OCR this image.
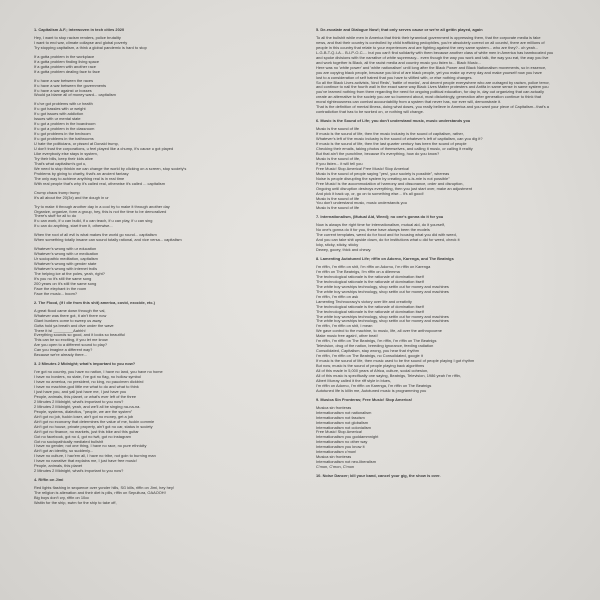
1. Capitalism A.F.; interwoven in tech cities 2020
Hey, I want to stop racism renders, police brutality
I want to end war, climate collapse and global poverty
Try stopping capitalism, a think a global pandemic is hard to stop
If a gotta problem in the workplace
If a gotta problem finding living space
If a gotta problem with another race
If a gotta problem dealing face to face
If u have a war between the races
If u have a war between the governments
If u have a war against ur bosses
Would ya blame all of money ward... capitalism
If u've got problems with ur health
If u got hassles with ur weight
If u got issues with addiction
Issues with ur mental state
If u got a problem in the boardroom
If u got a problem in the classroom
If u got problems in the bedroom
If u got problems in the bathrooms
U hate the politicians, or pissed at Donald trump,
U don't trust the corporations, u feel played like a chump, it's cause u got played
Like everybody else stays in system,
Try their bills, keep their kids alive
That's what capitalism's got u,
We need to stop thinkin we can change the world by clicking on a screen, stop society's
Problems by giving to charity, that's an ancient fantasy
The only way to achieve anything real is in real time
With real people that's why it's called real, otherwise it's called ... capitalism
Crump chaos trump trump
It's all about the 20(3x) and the dough in ur
Try to make it through another day in a cool try to make it through another day
Organize, organize, form a group, hey, this is not the time to be demoralized
There's stuff for all to do
If u can work, if u can build, if u can teach, if u can play, if u can sing
If u can do anything, start from it, otherwise...
When the root of all evil is what makes the world go round... capitalism
When something totally insane can sound totally rational, and vice versa... capitalism
Whatever's wrong with ur education
Whatever's wrong with ur medication
Ur sociopathic meditation, capitalism
Whatever's wrong with gender state
Whatever's wrong with internet trolls
The helping ice at the poles, yeah, right?
It's you no it's still the same song
200 years on it's still the same song
Face the elephant in the room
Face the music... boom?
2. The Flood, (if I die from this shit) america, covid, exocide, etc.)
A great flood came down through the val,
Whatever was there got, it ain't there now
Giant bunkers come to sweep us away
Gotta hold ya breath and dive under the wave
There it is! _________Aahhh!
Everything sounds so good, and it looks so beautiful
This can be so exciting, if you let me know
Are you open to a different sound to play?
Can you imagine a different way?
Because we're already there...
3. 2 Minutes 2 Midnight; what's important to you now?
I've got no country, you have no nation, I have no land, you have no home
I have no borders, no state, I've got no flag, no hollow symbol
I have no america, no president, no king, no paucimen dickbird
I have no machine-god little me what to do and what to think
I just have you, and yall just have me, I just have you
People, animals, this planet, or what's ever left of the three
2 Minutes 2 Midnight, what's important to you now?
2 Minutes 2 Midnight, yeah, and we'll all be singing na-na-na.
People, systems, dialectics, "people, we are the system"
Ain't got no job, fuckin loser, ain't got no money, get a job
Ain't got no economy that determines the value of me, fuckin commie
Ain't got no house, private property, ain't got no car, status in society
Ain't got no finance, no markets, just this bike and this guitar
Got no facebook, got no 4, got no twit, got no instagram
Got no sociopathically mediated bullshit
I have no gender, not one thing, I have no race, no pure ethnicity
Ain't got an identity, so suddenly...
I have no culture, I hav'em all, I have no tribe, not goin to burning man
I have no narrative that explains me, I just have free music!
People, animals, this planet
2 Minutes 2 Midnight, what's important to you now?
4. Riffin on Jimi
Red lights flashing in sequence over yonder hills, SG kills, riffin on Jimi, hey hey!
The religion is alienation and their diet is pills, riffin on Sepultura, OAAOOH!
Big boys don't cry, riffin on 10cc
Waitin for the ship, swim for the ship to take off,
5. De-escalate and Dialogue Now!; that only serves cause or we're all gettin played, again
To all the bullshit while men in America that think their tyrannical government is oppressing them, that the corporate media is fake
news, and that their country is controlled by child trafficking pedophiles, you're absolutely correct on all counts!, there are millions of
people in this country that relate to your experiences and are fighting against the very same system... who are they?.. oh yeah...
L-G-B-T-Q-I-A... B-I-P-O-C-... but you can't find solidarity with them because another class of white men in America has bamboozled you
and spoke divisions with the narrative of white supremacy... even though the way you work and talk, the way you eat, the way you live
and work together is Black, all the racist media and country music you listen to... Black Music...
Here was no 'white power' and 'white nationalism' until long after the Black Power and Black Nationalism movements, so in essence,
you are copying black people, because you kind of are black people, yet you make up every day and make yourself now you have
lost to a consideration of self hatred that you have to vilified with, or else nothing changes.
So all the Black Lives activists, 'kind Reds', 'battle of monks', and decent people everywhere who are outraged by racism, police terror,
and continue to nail the fourth wall in the exact same way Black Lives Matter protesters and Antifa in same sense in same system you
you've learned nothing from them regarding the need for ongoing political education, for day in, day out organizing that can actually
create an alternative to the society you are so bummed about, most disturbingly, generation after generation continue to think that
moral righteousness can combat accountability from a system that never has, nor ever will, demonstrate it.
That is the definition of mental illness, doing what doses, you really believe in America and you want your piece of Capitalism...that's a
contradiction that has to be worked on, or nothing will change.
6. Music is the Sound of Life; you don't understand music, music understands you
Music is the sound of life
If music is the sound of life, then the music industry is the sound of capitalism, rather,
Whatever's left of the music industry is the sound of whatever's left of capitalism, can you dig it?
If music is the sound of life, then the last quarter century has been the sound of people
Checking their emails, taking photos of themselves, and calling it music, or calling it reality
But that ain't the punchline, because it's everything, how do you know?
Music is the sound of life,
If you listen... it will tell you
Free Music! Stop America! Free Music! Stop America!
Music is the sound of people saying "yes!, your society is possible", whereas
Noise is people disrupting the system by creating an u-is-mie is not possible"
Free Music! is the accommodation of harmony and dissonance, order and disruption,
Ongoing until disruption destroys everything, then you just start over, make an adjustment
And pick it back up, or, go on to something else... it's all good!
Music is the sound of life
You don't understand music, music understands you
Music is the sound of life
7. Internationalism, (Mutual Aid, Weed); no one's gonna do it for you
Now is always the right time for internationalism, mutual aid, do it yourself,
No one's gonna do it for you, these have always been the models
The current templates, weed do for food and for housing what you did with weed,
And you can take shit upside down, do for institutions what u did for weed, check it
Icky, sticky, sticky, sticky
Dewey, gooey, thick and chewy.
8. Lamenting Autotuned Life; riffin on Adorno, Karenga, and The Beatnigs
I'm riffin, I'm riffin on shit, I'm riffin on Adorno, I'm riffin on Karenga
I'm riffin on The Beatnigs, I'm riffin on a dilemma
The technological rationale is the rationale of domination itself
The technological rationale is the rationale of domination itself
The white boy worships technology, shop settin out for money and machines
The white boy worships technology, shop settin out for money and machines
I'm riffin, I'm riffin on ask
Lamenting Technocracy's victory over life and creativity
The technological rationale is the rationale of domination itself
The technological rationale is the rationale of domination itself
The white boy worships technology, shop settin out for money and machines
The white boy worships technology, shop settin out for money and machines
I'm riffin, I'm riffin on shit, I mean
We gave control to the machine, to music, life, all over the anthropocene
Make music free again!, other beat!
I'm riffin, I'm riffin on The Beatnigs, I'm riffin, I'm riffin on The Beatnigs
Television, drug of the nation, breeding ignorance, feeding radiation
Consolidated, Capitalism, stay wrong, you hear that rhythm
I'm riffin, I'm riffin on The Beatnigs, no Consolidated, google it
If music is the sound of life, then music used to be the sound of people playing I got rhythm
But now, music is the sound of people playing back algorithms
All of this made in 5,000 years of Africa, culture, social cohesion,
All of this music is specifically one saying, Beatnigs, Television, 1986 yeah I'm riffin,
Albert Murray called it the riff style in blues,
I'm riffin on Adorno, I'm riffin on Karenga, I'm riffin on The Beatnigs
Autotuned life is killin me, Autotuned music is programming you
9. Musica Sin Fronteras; Free Music! Stop America!
Musica sin fronteras
Internationalism not nationalism
Internationalism not fascism
Internationalism not globalism
Internationalism not colonialism
Free Music! Stop America!
Internationalism you goddammnight
Internationalism no other way
Internationalism you know it
Internationalism c'mon!
Musica sin fronteras
Internationalism not neo-liberalism
C'mon, C'mon, C'mon
10. Noise Dancer; kill your band, cancel your gig, the show is over.
